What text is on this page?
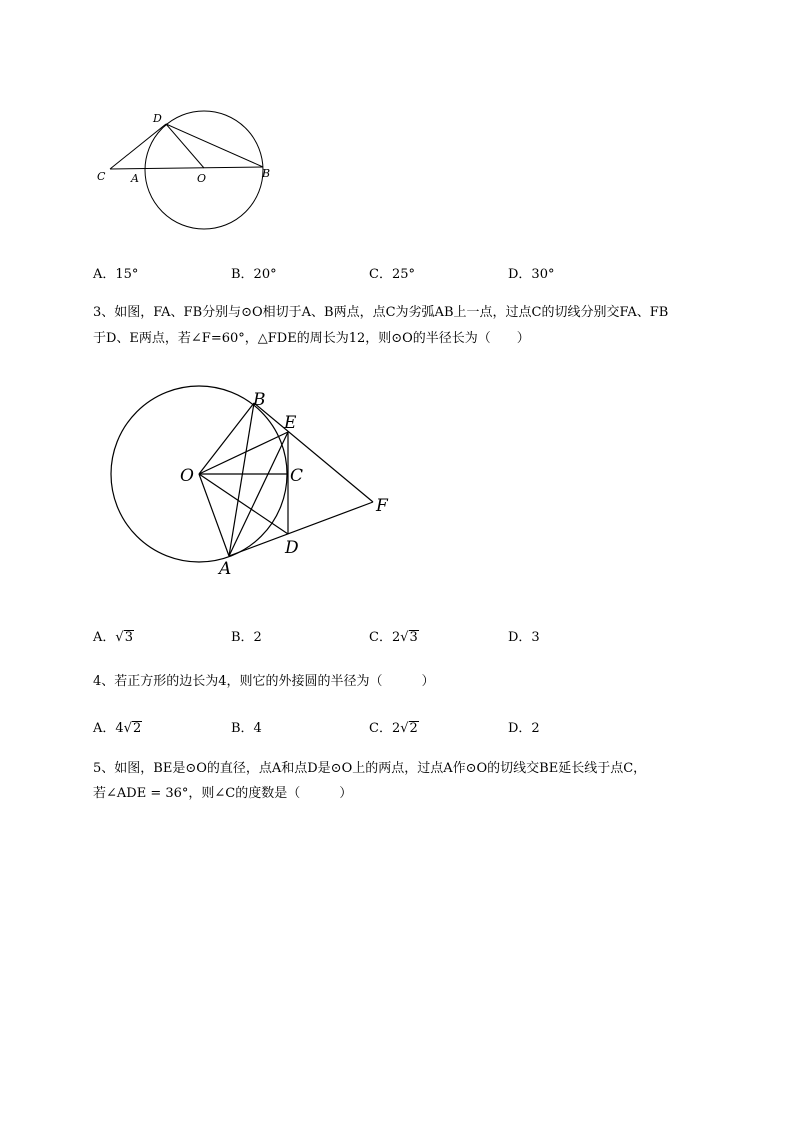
D
C A	O	B
A．15°	B．20°	C．25°	D．30°
3、如图，FA、FB分别与⊙O相切于A、B两点，点C为劣弧AB上一点，过点C的切线分别交FA、FB
于D、E两点，若∠F=60°，△FDE的周长为12，则⊙O的半径长为（　　）
B
E
O	C
F
D
A
A．√3	B．2	C．2√3	D．3
4、若正方形的边长为4，则它的外接圆的半径为（　　　）
A．4√2	B．4	C．2√2	D．2
5、如图，BE是⊙O的直径，点A和点D是⊙O上的两点，过点A作⊙O的切线交BE延长线于点C，
若∠ADE = 36°，则∠C的度数是（　　　）
